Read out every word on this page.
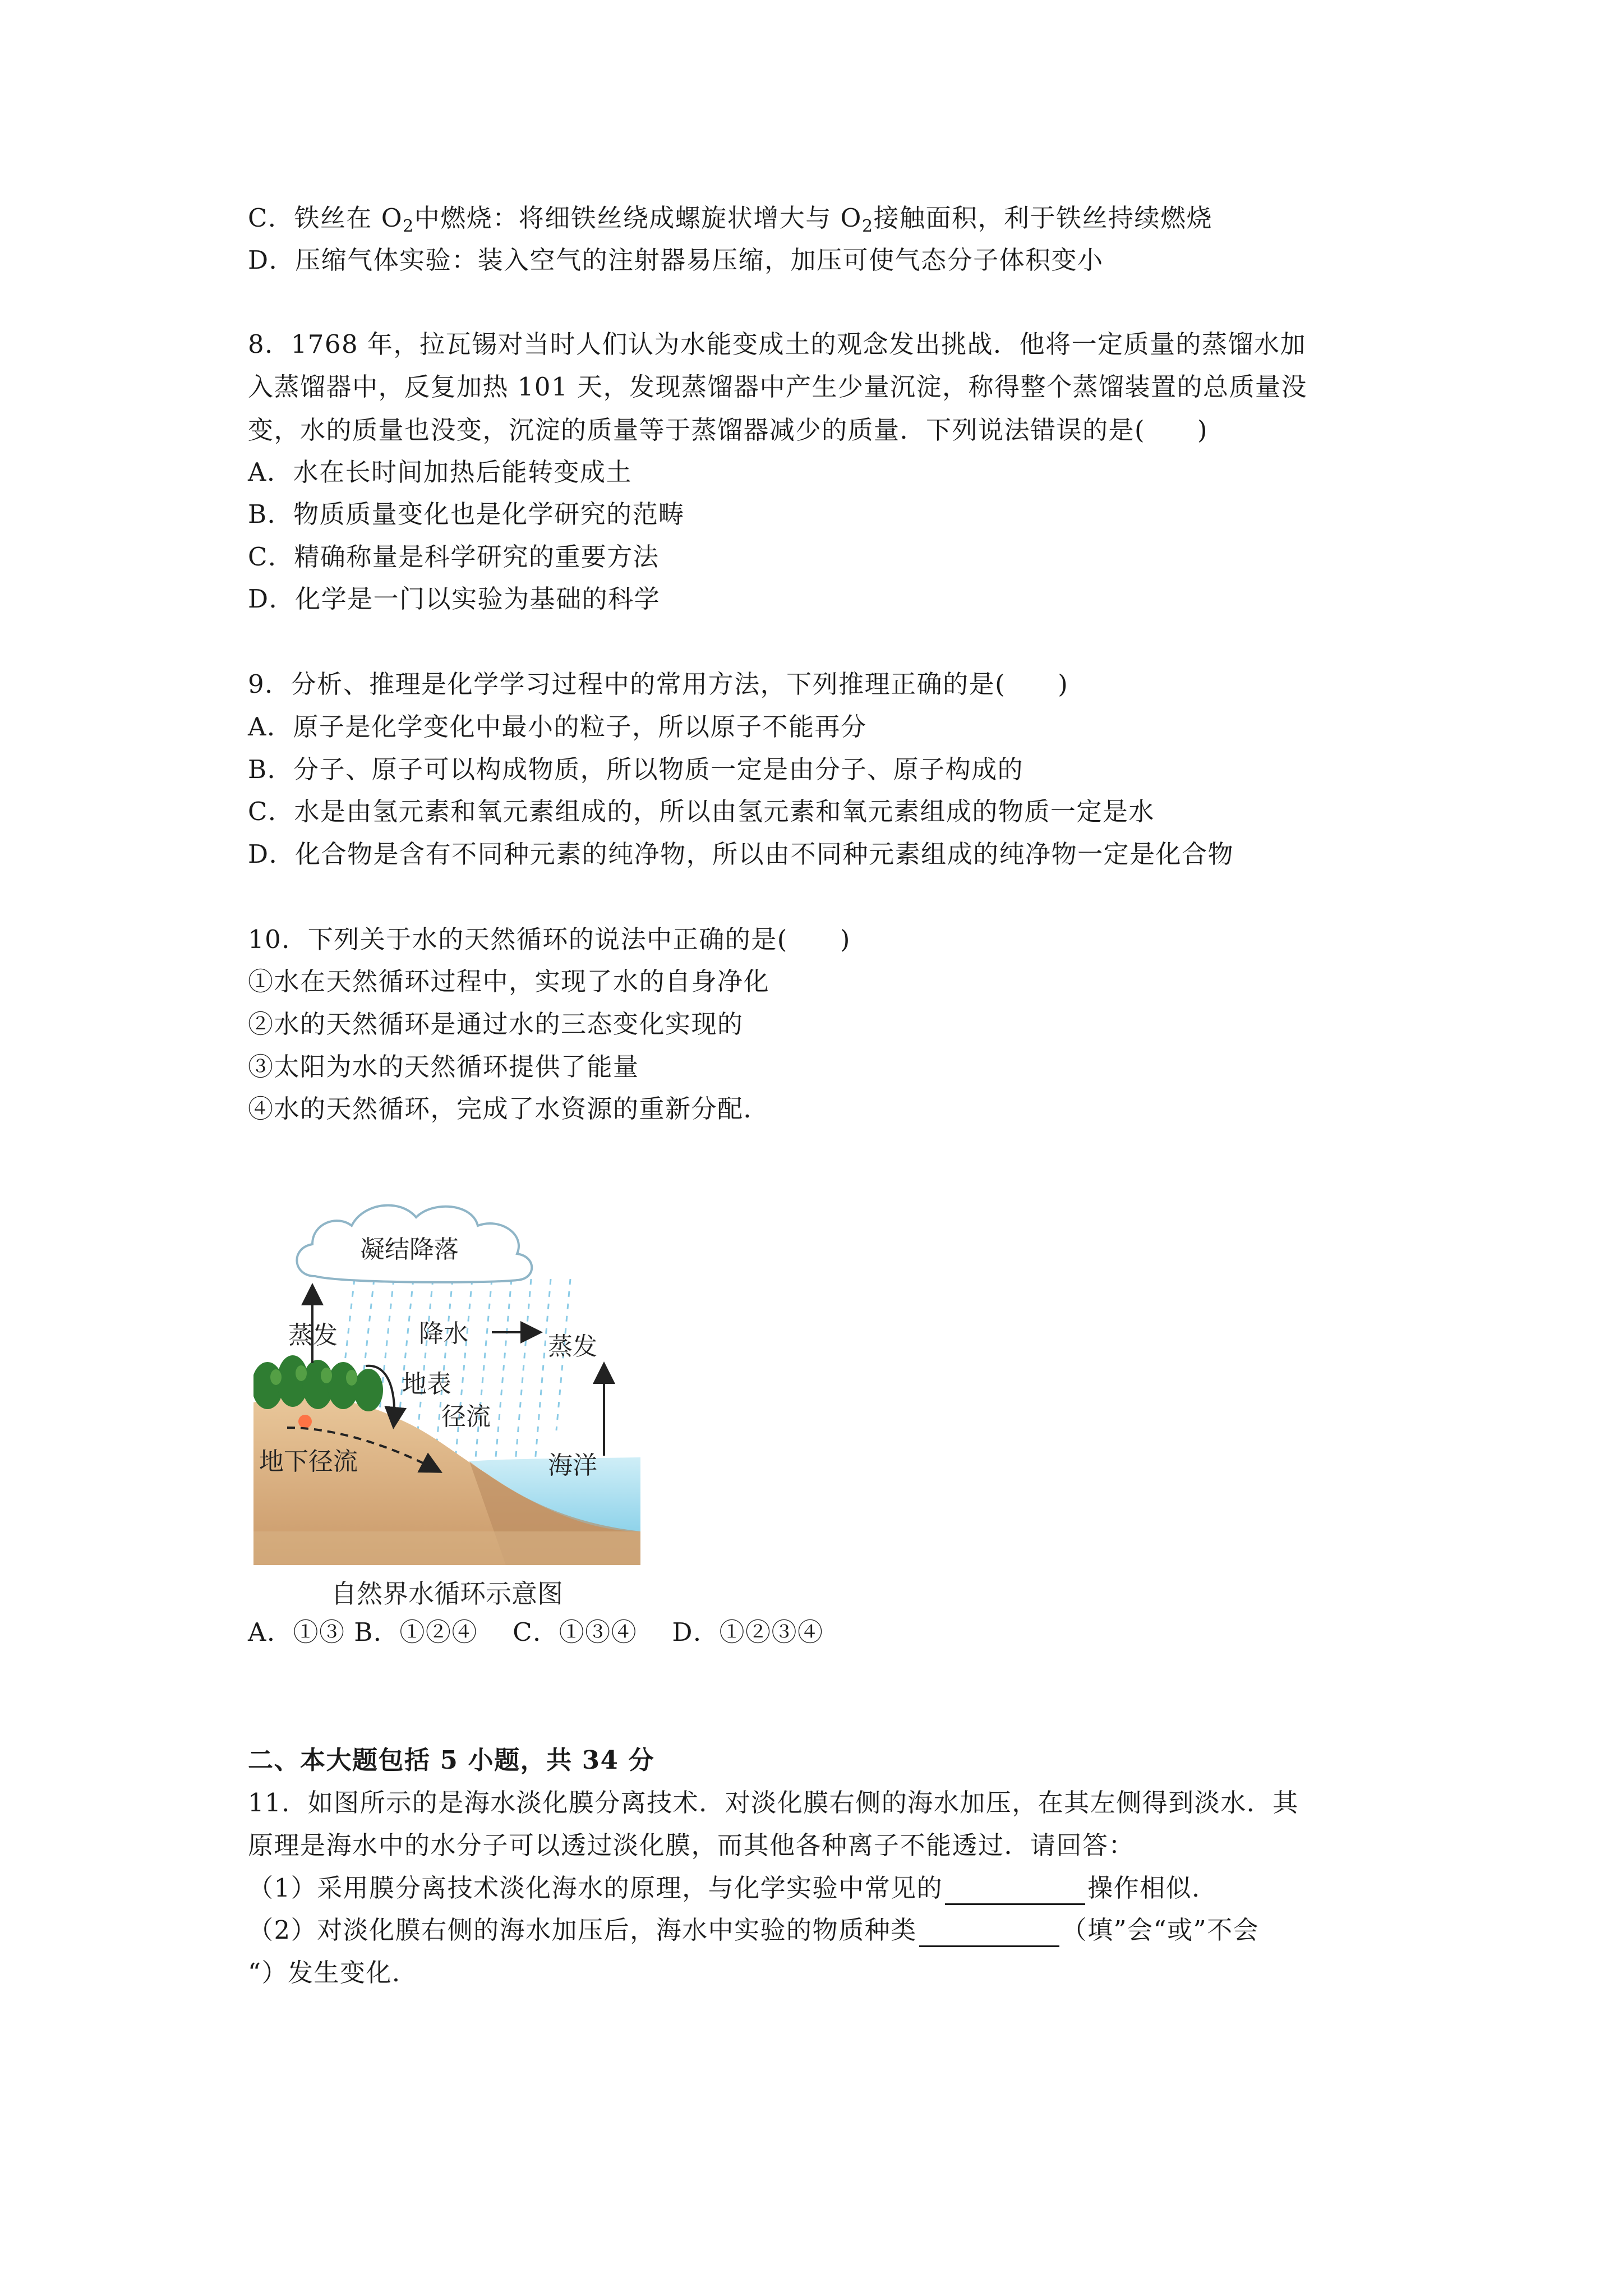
C．铁丝在 $O_2$中燃烧：将细铁丝绕成螺旋状增大与 $O_2$接触面积，利于铁丝持续燃烧
D．压缩气体实验：装入空气的注射器易压缩，加压可使气态分子体积变小
8．1768 年，拉瓦锡对当时人们认为水能变成土的观念发出挑战．他将一定质量的蒸馏水加
入蒸馏器中，反复加热 101 天，发现蒸馏器中产生少量沉淀，称得整个蒸馏装置的总质量没
变，水的质量也没变，沉淀的质量等于蒸馏器减少的质量．下列说法错误的是(　　)
A．水在长时间加热后能转变成土
B．物质质量变化也是化学研究的范畴
C．精确称量是科学研究的重要方法
D．化学是一门以实验为基础的科学
9．分析、推理是化学学习过程中的常用方法，下列推理正确的是(　　)
A．原子是化学变化中最小的粒子，所以原子不能再分
B．分子、原子可以构成物质，所以物质一定是由分子、原子构成的
C．水是由氢元素和氧元素组成的，所以由氢元素和氧元素组成的物质一定是水
D．化合物是含有不同种元素的纯净物，所以由不同种元素组成的纯净物一定是化合物
10．下列关于水的天然循环的说法中正确的是(　　)
①水在天然循环过程中，实现了水的自身净化
②水的天然循环是通过水的三态变化实现的
③太阳为水的天然循环提供了能量
④水的天然循环，完成了水资源的重新分配．
凝结降落
蒸发	降水	蒸发
地表
径流
地下径流	海洋
自然界水循环示意图
A．①③ B．①②④　 C．①③④　 D．①②③④
二、本大题包括 5 小题，共 34 分
11．如图所示的是海水淡化膜分离技术．对淡化膜右侧的海水加压，在其左侧得到淡水．其
原理是海水中的水分子可以透过淡化膜，而其他各种离子不能透过．请回答：
（1）采用膜分离技术淡化海水的原理，与化学实验中常见的	操作相似．
（2）对淡化膜右侧的海水加压后，海水中实验的物质种类	（填”会“或”不会
“）发生变化．
